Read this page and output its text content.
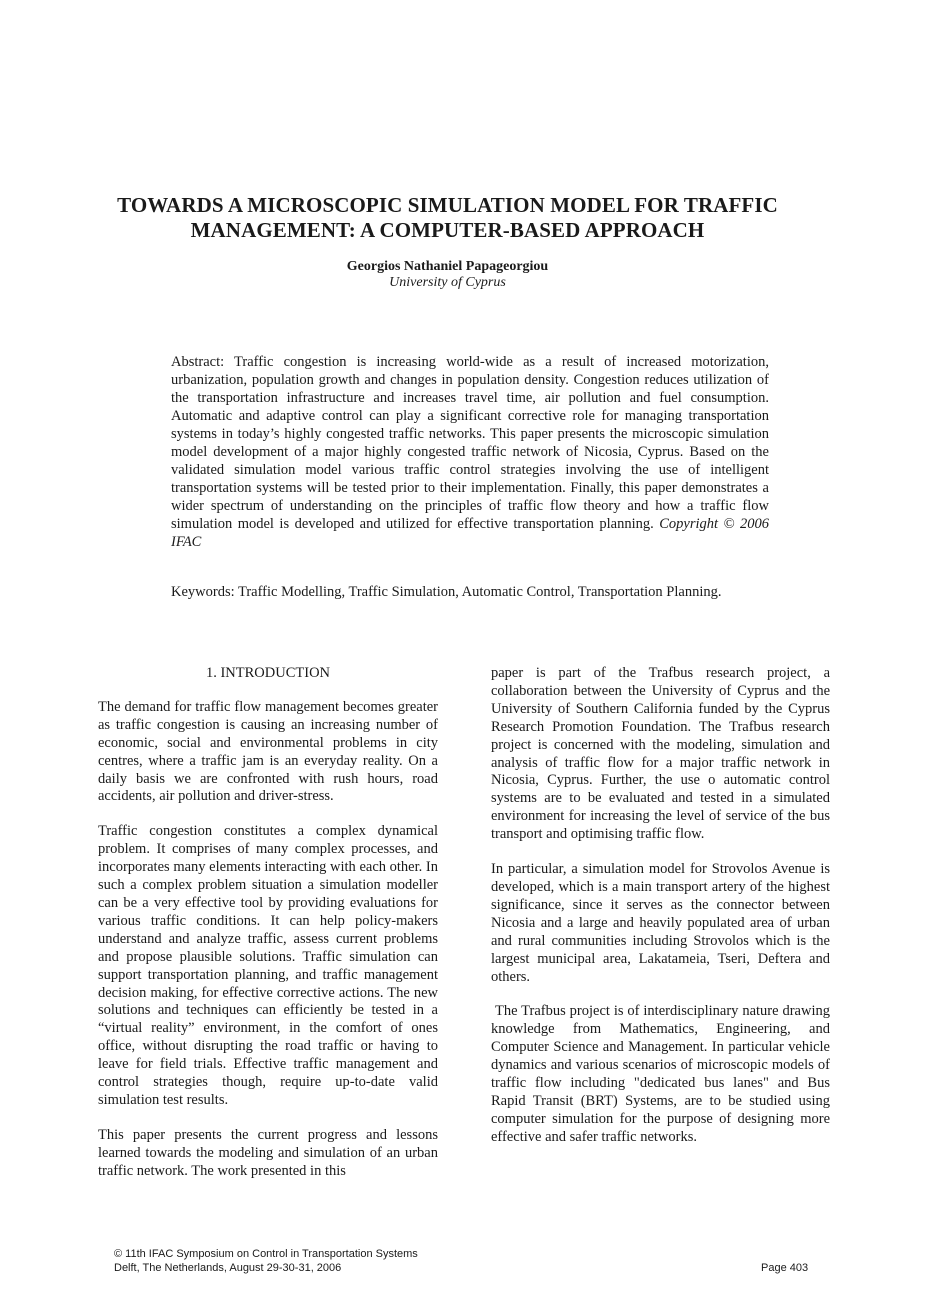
TOWARDS A MICROSCOPIC SIMULATION MODEL FOR TRAFFIC
MANAGEMENT: A COMPUTER-BASED APPROACH
Georgios Nathaniel Papageorgiou
University of Cyprus
Abstract: Traffic congestion is increasing world-wide as a result of increased motorization, urbanization, population growth and changes in population density. Congestion reduces utilization of the transportation infrastructure and increases travel time, air pollution and fuel consumption. Automatic and adaptive control can play a significant corrective role for managing transportation systems in today’s highly congested traffic networks. This paper presents the microscopic simulation model development of a major highly congested traffic network of Nicosia, Cyprus. Based on the validated simulation model various traffic control strategies involving the use of intelligent transportation systems will be tested prior to their implementation. Finally, this paper demonstrates a wider spectrum of understanding on the principles of traffic flow theory and how a traffic flow simulation model is developed and utilized for effective transportation planning. Copyright © 2006 IFAC
Keywords: Traffic Modelling, Traffic Simulation, Automatic Control, Transportation Planning.
1. INTRODUCTION
The demand for traffic flow management becomes greater as traffic congestion is causing an increasing number of economic, social and environmental problems in city centres, where a traffic jam is an everyday reality. On a daily basis we are confronted with rush hours, road accidents, air pollution and driver-stress.
Traffic congestion constitutes a complex dynamical problem. It comprises of many complex processes, and incorporates many elements interacting with each other. In such a complex problem situation a simulation modeller can be a very effective tool by providing evaluations for various traffic conditions. It can help policy-makers understand and analyze traffic, assess current problems and propose plausible solutions. Traffic simulation can support transportation planning, and traffic management decision making, for effective corrective actions. The new solutions and techniques can efficiently be tested in a “virtual reality” environment, in the comfort of ones office, without disrupting the road traffic or having to leave for field trials. Effective traffic management and control strategies though, require up-to-date valid simulation test results.
This paper presents the current progress and lessons learned towards the modeling and simulation of an urban traffic network. The work presented in this
paper is part of the Trafbus research project, a collaboration between the University of Cyprus and the University of Southern California funded by the Cyprus Research Promotion Foundation. The Trafbus research project is concerned with the modeling, simulation and analysis of traffic flow for a major traffic network in Nicosia, Cyprus. Further, the use o automatic control systems are to be evaluated and tested in a simulated environment for increasing the level of service of the bus transport and optimising traffic flow.
In particular, a simulation model for Strovolos Avenue is developed, which is a main transport artery of the highest significance, since it serves as the connector between Nicosia and a large and heavily populated area of urban and rural communities including Strovolos which is the largest municipal area, Lakatameia, Tseri, Deftera and others.
The Trafbus project is of interdisciplinary nature drawing knowledge from Mathematics, Engineering, and Computer Science and Management. In particular vehicle dynamics and various scenarios of microscopic models of traffic flow including "dedicated bus lanes" and Bus Rapid Transit (BRT) Systems, are to be studied using computer simulation for the purpose of designing more effective and safer traffic networks.
© 11th IFAC Symposium on Control in Transportation Systems
Delft, The Netherlands, August 29-30-31, 2006	Page 403
